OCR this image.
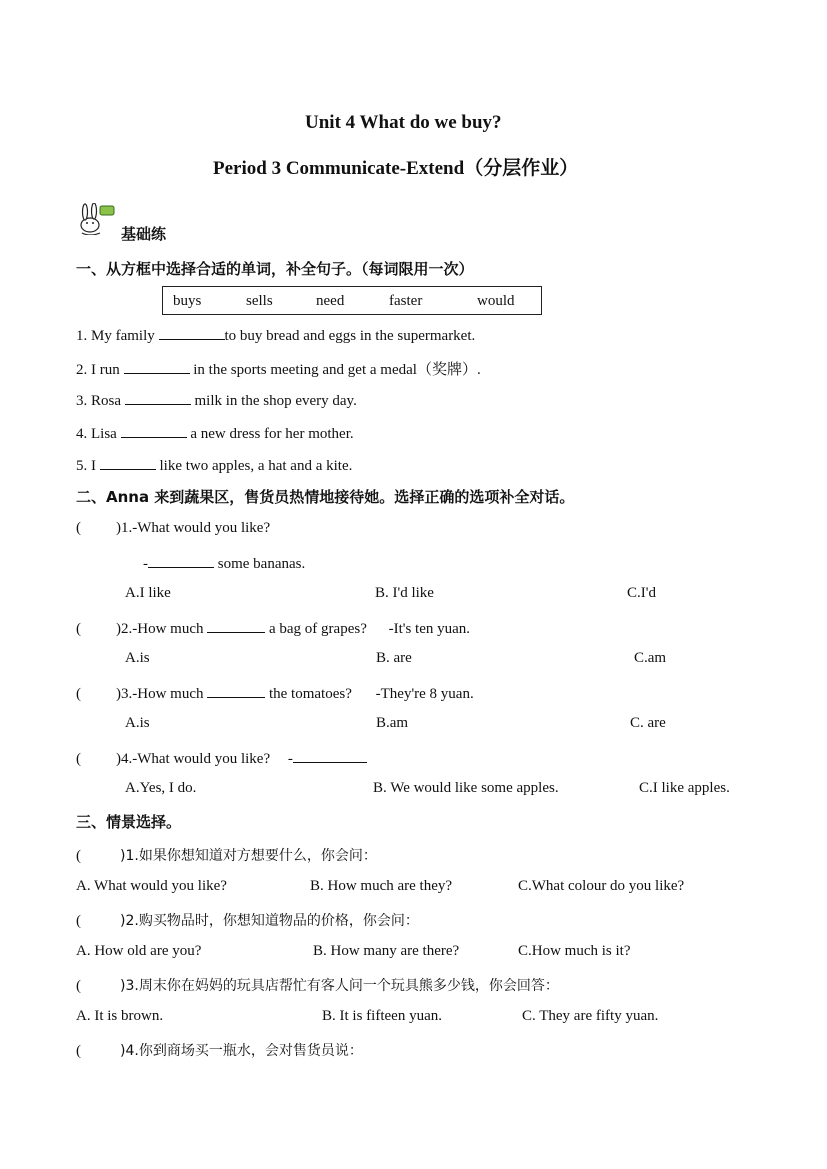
Unit 4 What do we buy?
Period 3 Communicate-Extend（分层作业）
基础练
一、从方框中选择合适的单词，补全句子。（每词限用一次）
buys	sells	need	faster	would
1. My family	to buy bread and eggs in the supermarket.
2. I run	in the sports meeting and get a medal（奖牌）.
3. Rosa	milk in the shop every day.
4. Lisa	a new dress for her mother.
5. I	like two apples, a hat and a kite.
二、Anna 来到蔬果区，售货员热情地接待她。选择正确的选项补全对话。
( )1.-What would you like?
-	some bananas.
A.I like	B. I'd like	C.I'd
( )2.-How much	a bag of grapes? -It's ten yuan.
A.is	B. are	C.am
( )3.-How much	the tomatoes? -They're 8 yuan.
A.is	B.am	C. are
( )4.-What would you like? -
A.Yes, I do.	B. We would like some apples.	C.I like apples.
三、情景选择。
(	)1.如果你想知道对方想要什么，你会问：
A. What would you like?	B. How much are they?	C.What colour do you like?
(	)2.购买物品时，你想知道物品的价格，你会问：
A. How old are you?	B. How many are there?	C.How much is it?
(	)3.周末你在妈妈的玩具店帮忙有客人问一个玩具熊多少钱，你会回答：
A. It is brown.	B. It is fifteen yuan.	C. They are fifty yuan.
(	)4.你到商场买一瓶水，会对售货员说：
